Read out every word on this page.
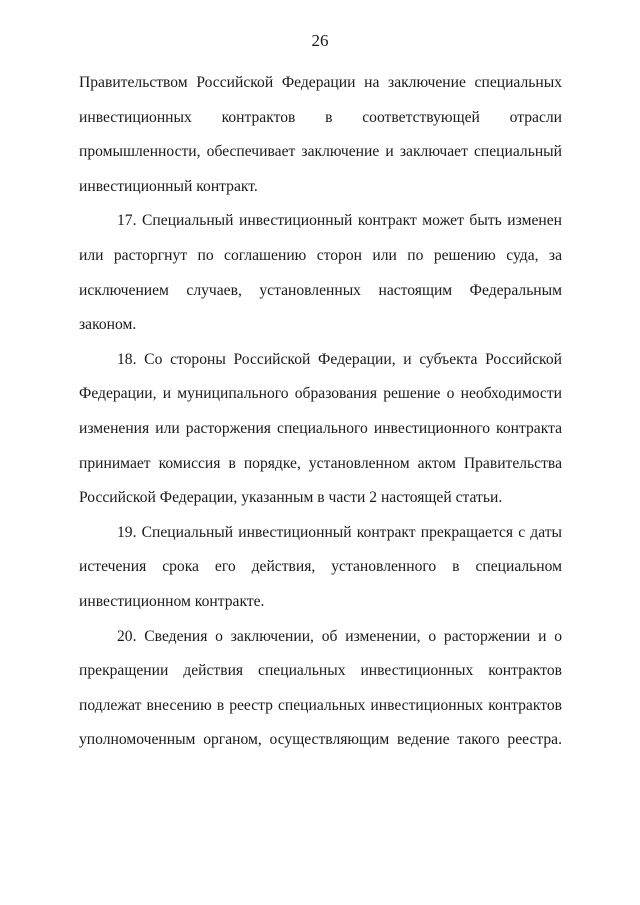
26

Правительством Российской Федерации на заключение специальных инвестиционных контрактов в соответствующей отрасли промышленности, обеспечивает заключение и заключает специальный инвестиционный контракт.

17. Специальный инвестиционный контракт может быть изменен или расторгнут по соглашению сторон или по решению суда, за исключением случаев, установленных настоящим Федеральным законом.

18. Со стороны Российской Федерации, и субъекта Российской Федерации, и муниципального образования решение о необходимости изменения или расторжения специального инвестиционного контракта принимает комиссия в порядке, установленном актом Правительства Российской Федерации, указанным в части 2 настоящей статьи.

19. Специальный инвестиционный контракт прекращается с даты истечения срока его действия, установленного в специальном инвестиционном контракте.

20. Сведения о заключении, об изменении, о расторжении и о прекращении действия специальных инвестиционных контрактов подлежат внесению в реестр специальных инвестиционных контрактов уполномоченным органом, осуществляющим ведение такого реестра.
